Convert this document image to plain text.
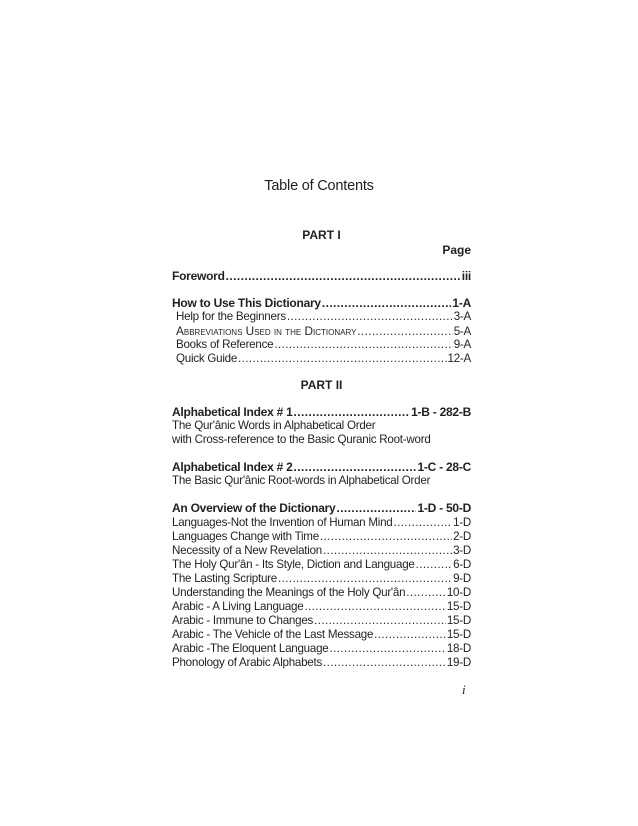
Table of Contents
PART I
Page
Foreword .....	iii
How to Use This Dictionary .....	1-A
Help for the Beginners .....	3-A
Abbreviations Used in the Dictionary .....	5-A
Books of Reference .....	9-A
Quick Guide .....	12-A
PART II
Alphabetical Index # 1 .....	1-B - 282-B
The Qur'ânic Words in Alphabetical Order
with Cross-reference to the Basic Quranic Root-word
Alphabetical Index # 2 .....	1-C - 28-C
The Basic Qur'ânic Root-words in Alphabetical Order
An Overview of the Dictionary .....	1-D - 50-D
Languages-Not the Invention of Human Mind .....	1-D
Languages Change with Time .....	2-D
Necessity of a New Revelation .....	3-D
The Holy Qur'ân - Its Style, Diction and Language .....	6-D
The Lasting Scripture .....	9-D
Understanding the Meanings of the Holy Qur'ân .....	10-D
Arabic - A Living Language .....	15-D
Arabic - Immune to Changes .....	15-D
Arabic - The Vehicle of the Last Message .....	15-D
Arabic -The Eloquent Language .....	18-D
Phonology of Arabic Alphabets .....	19-D
i
